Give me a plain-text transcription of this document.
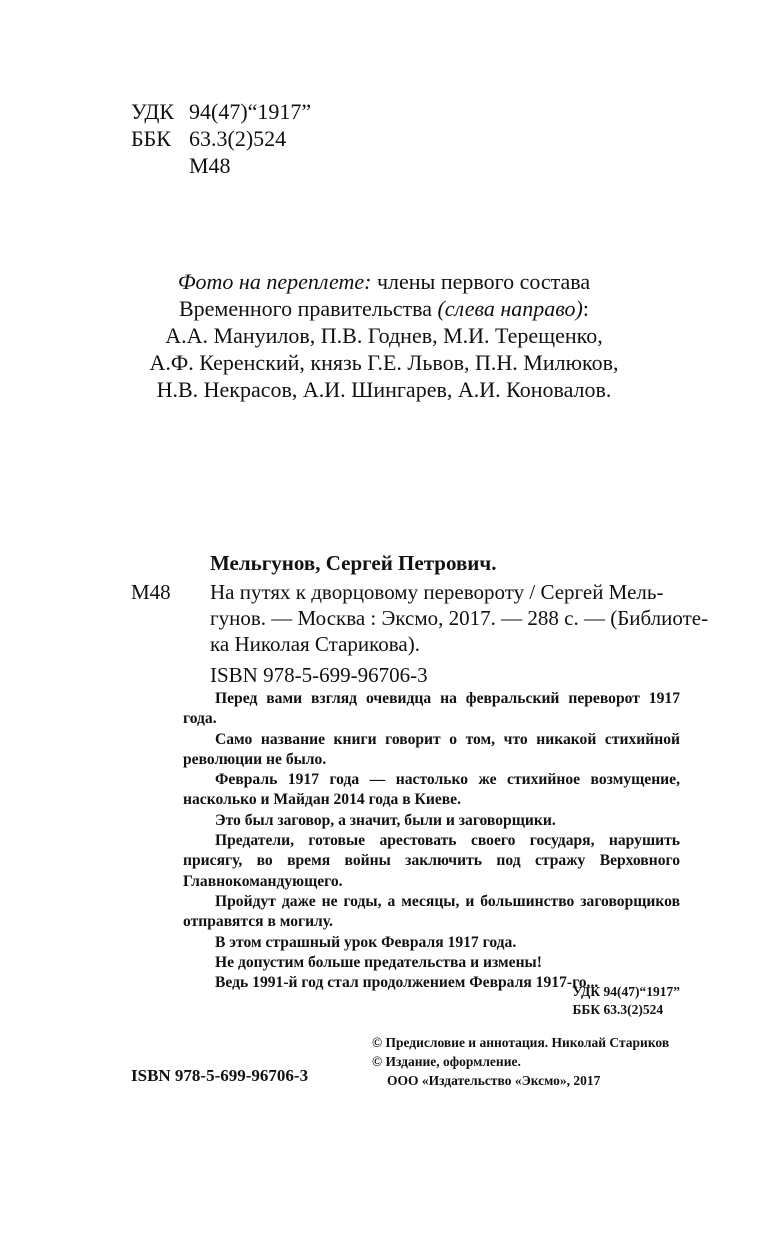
УДК 94(47)“1917”
ББК 63.3(2)524
М48
Фото на переплете: члены первого состава
Временного правительства (слева направо):
А.А. Мануилов, П.В. Годнев, М.И. Терещенко,
А.Ф. Керенский, князь Г.Е. Львов, П.Н. Милюков,
Н.В. Некрасов, А.И. Шингарев, А.И. Коновалов.
Мельгунов, Сергей Петрович.
М48 На путях к дворцовому перевороту / Сергей Мель-
гунов. — Москва : Эксмо, 2017. — 288 с. — (Библиоте-
ка Николая Старикова).
ISBN 978-5-699-96706-3

Перед вами взгляд очевидца на февральский переворот 1917 года.

Само название книги говорит о том, что никакой стихийной революции не было.

Февраль 1917 года — настолько же стихийное возмущение, насколько и Майдан 2014 года в Киеве.

Это был заговор, а значит, были и заговорщики.

Предатели, готовые арестовать своего государя, нарушить присягу, во время войны заключить под стражу Верховного Главнокомандующего.

Пройдут даже не годы, а месяцы, и большинство заговорщиков отправятся в могилу.

В этом страшный урок Февраля 1917 года.

Не допустим больше предательства и измены!

Ведь 1991-й год стал продолжением Февраля 1917-го...

УДК 94(47)“1917”
ББК 63.3(2)524
© Предисловие и аннотация. Николай Стариков
© Издание, оформление.
ООО «Издательство «Эксмо», 2017
ISBN 978-5-699-96706-3
